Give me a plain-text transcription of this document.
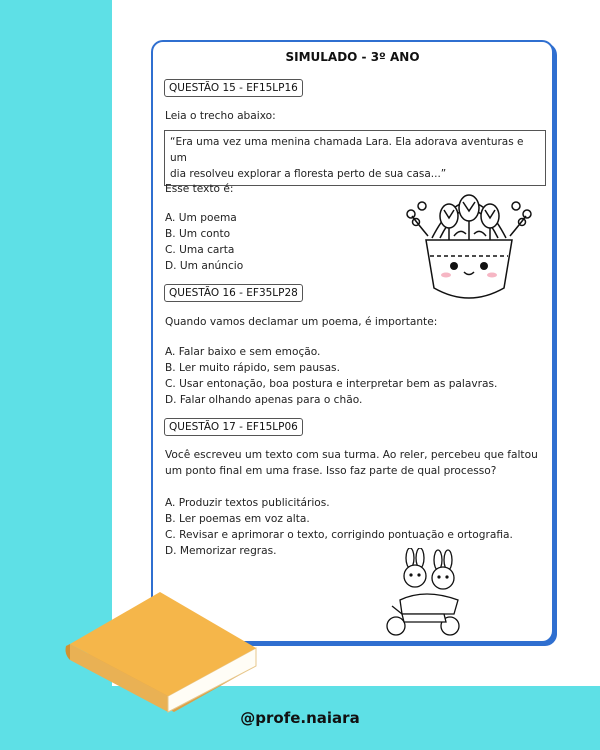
SIMULADO - 3º ANO
QUESTÃO 15 - EF15LP16
Leia o trecho abaixo:
“Era uma vez uma menina chamada Lara. Ela adorava aventuras e um
dia resolveu explorar a floresta perto de sua casa...”
Esse texto é:
A. Um poema
B. Um conto
C. Uma carta
D. Um anúncio
QUESTÃO 16 - EF35LP28
Quando vamos declamar um poema, é importante:
A. Falar baixo e sem emoção.
B. Ler muito rápido, sem pausas.
C. Usar entonação, boa postura e interpretar bem as palavras.
D. Falar olhando apenas para o chão.
QUESTÃO 17 - EF15LP06
Você escreveu um texto com sua turma. Ao reler, percebeu que faltou
um ponto final em uma frase. Isso faz parte de qual processo?
A. Produzir textos publicitários.
B. Ler poemas em voz alta.
C. Revisar e aprimorar o texto, corrigindo pontuação e ortografia.
D. Memorizar regras.
@profe.naiara
